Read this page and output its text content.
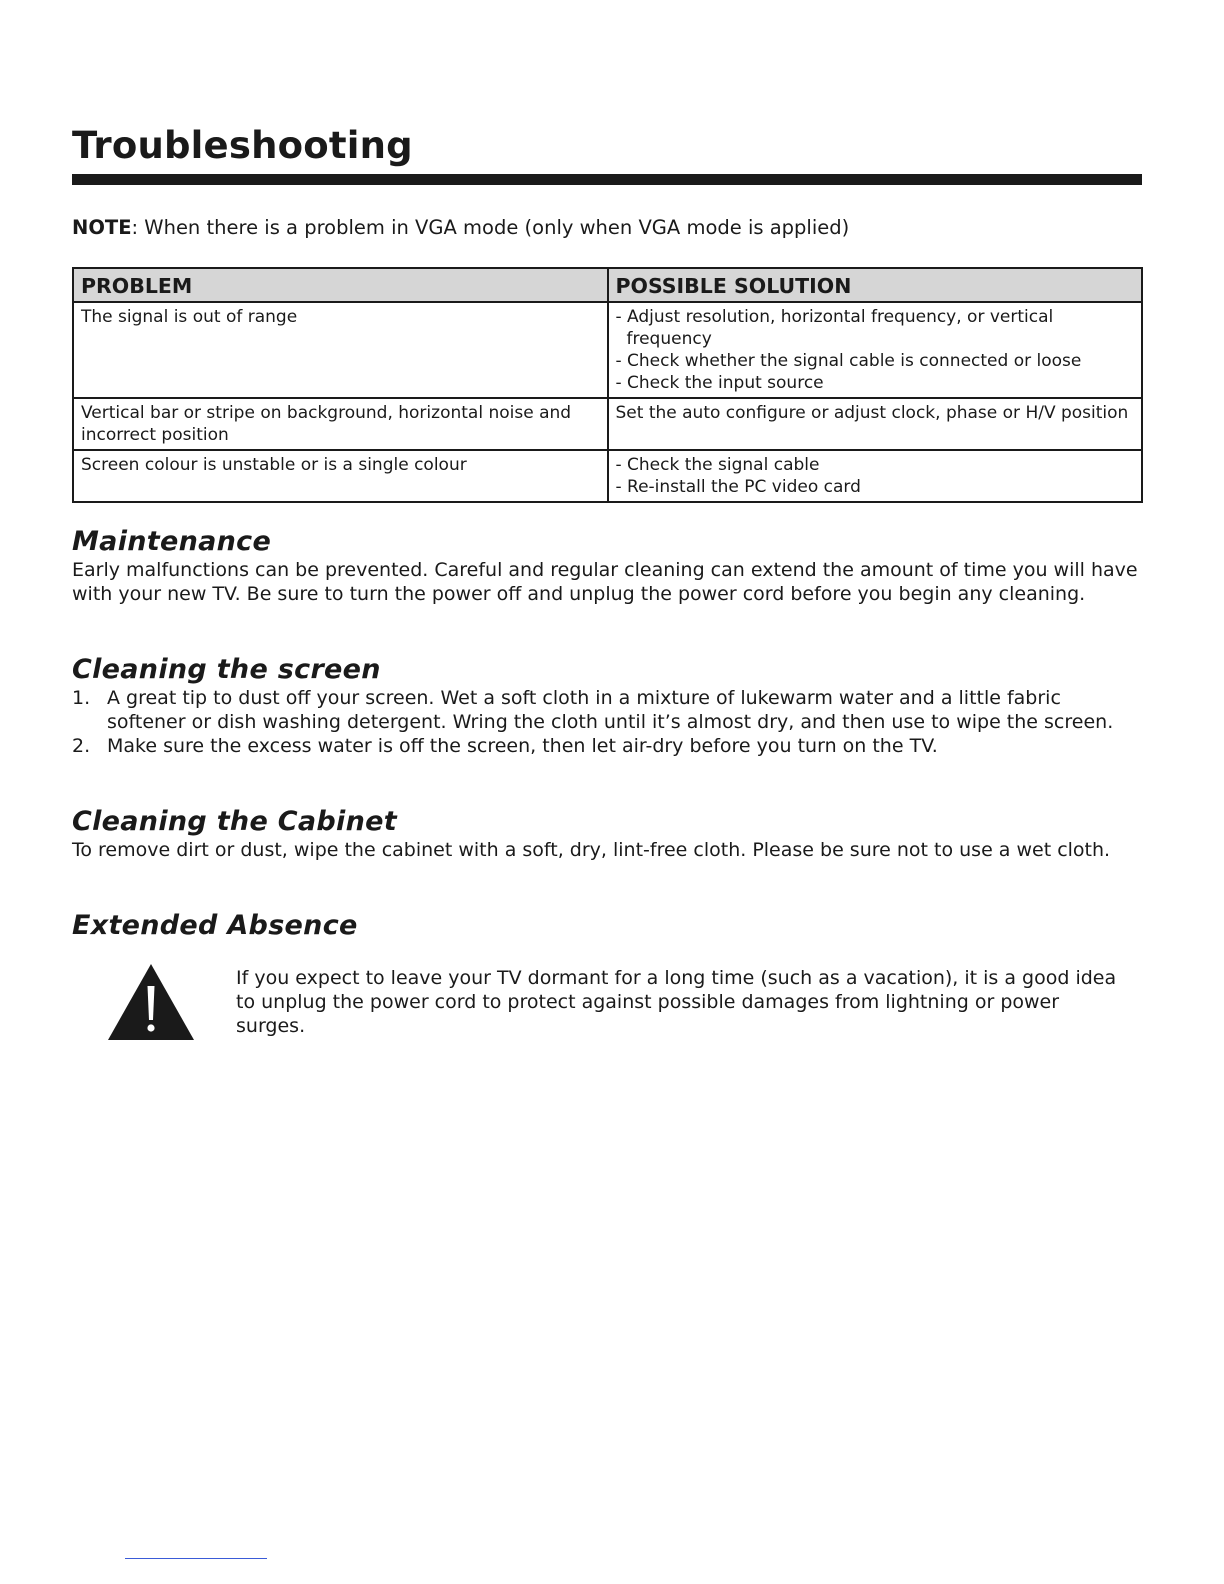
Troubleshooting
NOTE: When there is a problem in VGA mode (only when VGA mode is applied)
PROBLEM	POSSIBLE SOLUTION
The signal is out of range	- Adjust resolution, horizontal frequency, or vertical frequency
- Check whether the signal cable is connected or loose
- Check the input source

Vertical bar or stripe on background, horizontal noise and incorrect position	Set the auto configure or adjust clock, phase or H/V position
Screen colour is unstable or is a single colour	- Check the signal cable
- Re-install the PC video card
Maintenance

Early malfunctions can be prevented. Careful and regular cleaning can extend the amount of time you will have with your new TV. Be sure to turn the power off and unplug the power cord before you begin any cleaning.

Cleaning the screen
1. A great tip to dust off your screen. Wet a soft cloth in a mixture of lukewarm water and a little fabric softener or dish washing detergent. Wring the cloth until it’s almost dry, and then use to wipe the screen.
2. Make sure the excess water is off the screen, then let air-dry before you turn on the TV.
Cleaning the Cabinet

To remove dirt or dust, wipe the cabinet with a soft, dry, lint-free cloth. Please be sure not to use a wet cloth.

Extended Absence

If you expect to leave your TV dormant for a long time (such as a vacation), it is a good idea to unplug the power cord to protect against possible damages from lightning or power surges.
